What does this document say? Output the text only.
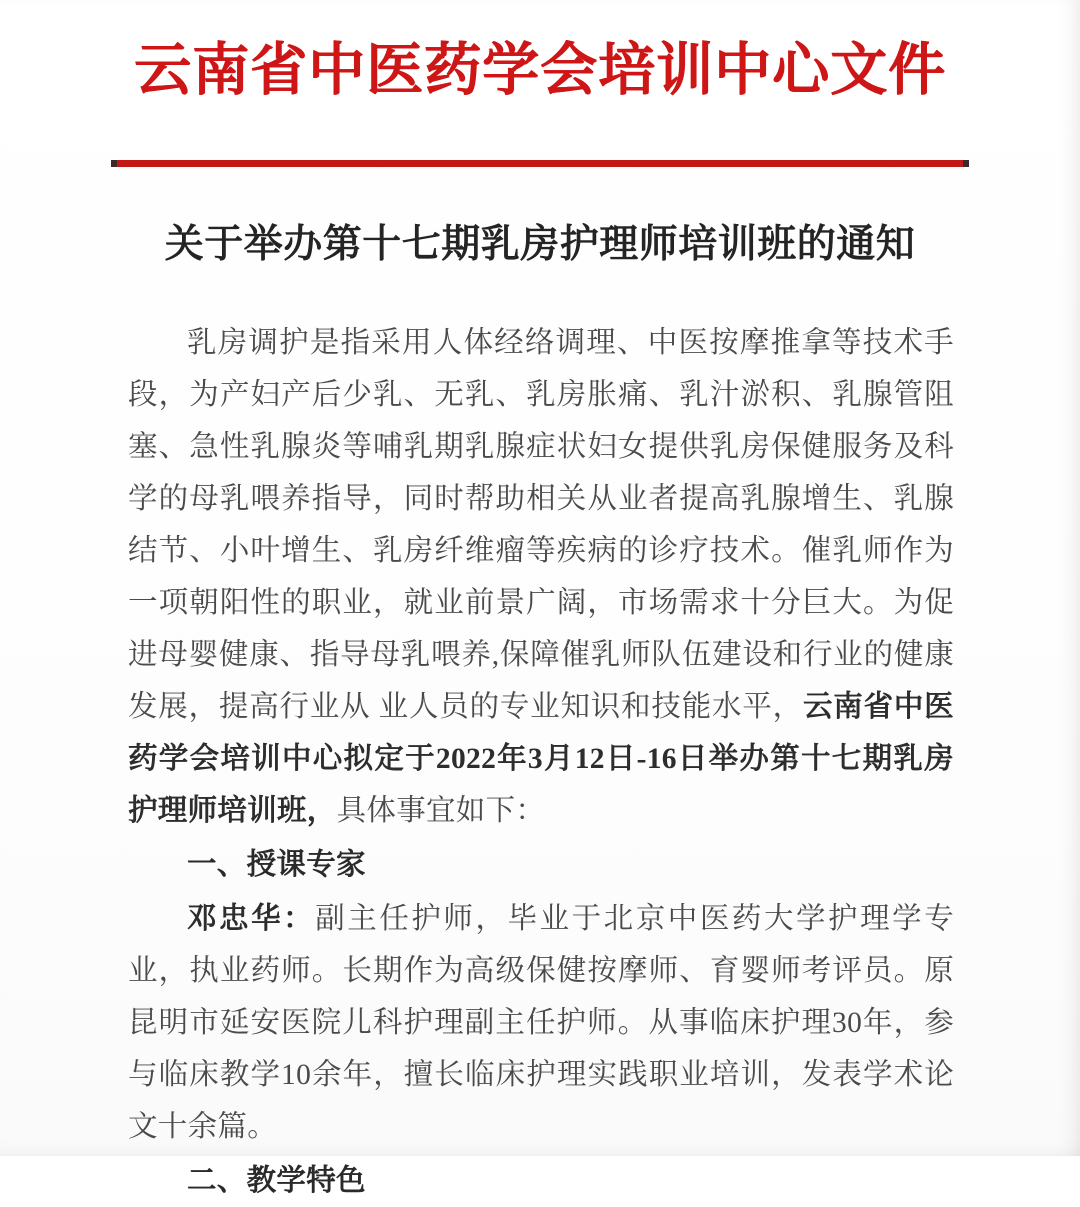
云南省中医药学会培训中心文件
关于举办第十七期乳房护理师培训班的通知

乳房调护是指采用人体经络调理、中医按摩推拿等技术手段，为产妇产后少乳、无乳、乳房胀痛、乳汁淤积、乳腺管阻塞、急性乳腺炎等哺乳期乳腺症状妇女提供乳房保健服务及科学的母乳喂养指导，同时帮助相关从业者提高乳腺增生、乳腺结节、小叶增生、乳房纤维瘤等疾病的诊疗技术。催乳师作为一项朝阳性的职业，就业前景广阔，市场需求十分巨大。为促进母婴健康、指导母乳喂养,保障催乳师队伍建设和行业的健康发展，提高行业从 业人员的专业知识和技能水平，云南省中医药学会培训中心拟定于2022年3月12日-16日举办第十七期乳房护理师培训班，具体事宜如下：

一、授课专家

邓忠华：副主任护师，毕业于北京中医药大学护理学专业，执业药师。长期作为高级保健按摩师、育婴师考评员。原昆明市延安医院儿科护理副主任护师。从事临床护理30年，参与临床教学10余年，擅长临床护理实践职业培训，发表学术论文十余篇。

二、教学特色
